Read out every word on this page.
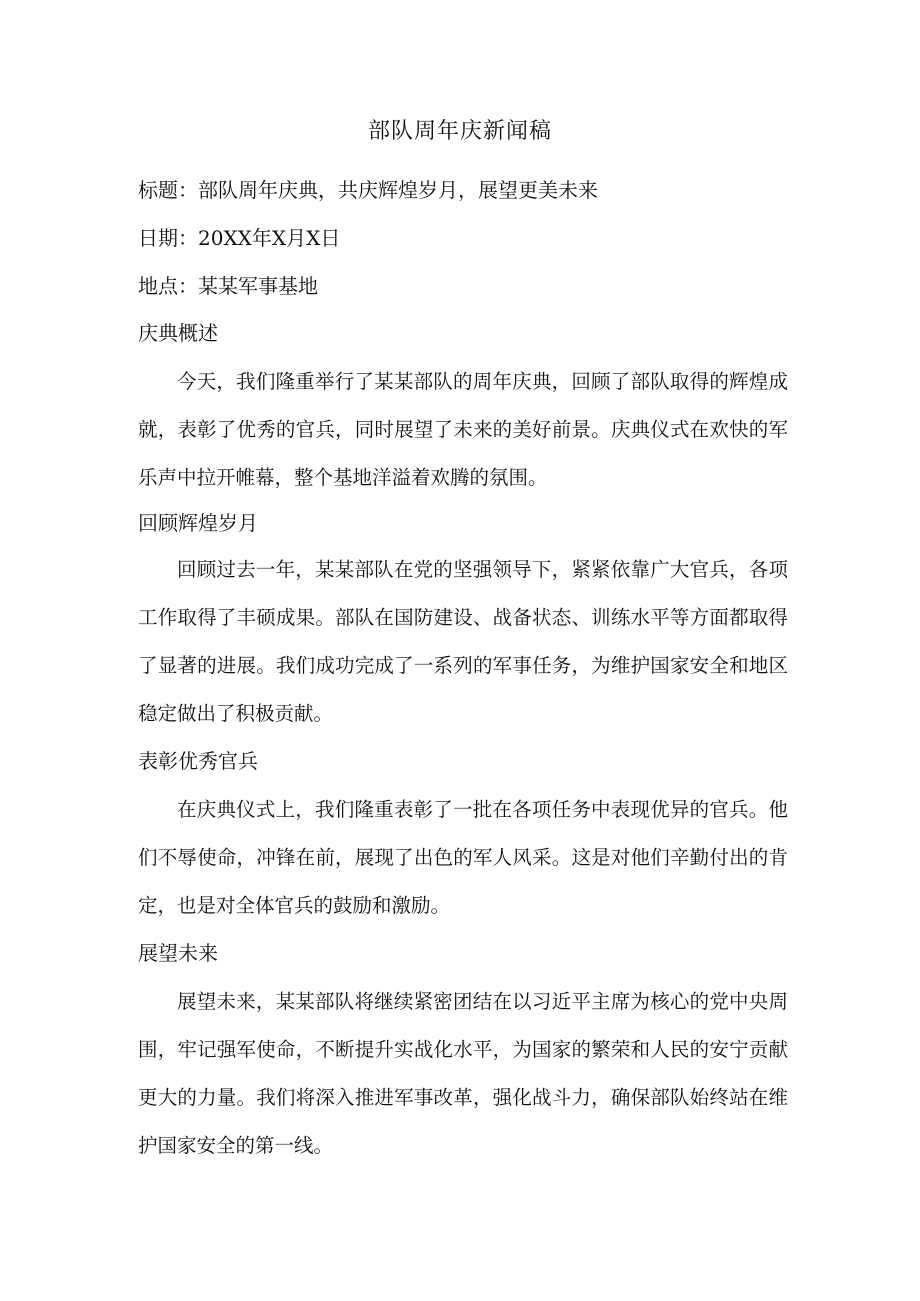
部队周年庆新闻稿
标题：部队周年庆典，共庆辉煌岁月，展望更美未来
日期：20XX年X月X日
地点：某某军事基地
庆典概述

今天，我们隆重举行了某某部队的周年庆典，回顾了部队取得的辉煌成就，表彰了优秀的官兵，同时展望了未来的美好前景。庆典仪式在欢快的军乐声中拉开帷幕，整个基地洋溢着欢腾的氛围。

回顾辉煌岁月

回顾过去一年，某某部队在党的坚强领导下，紧紧依靠广大官兵，各项工作取得了丰硕成果。部队在国防建设、战备状态、训练水平等方面都取得了显著的进展。我们成功完成了一系列的军事任务，为维护国家安全和地区稳定做出了积极贡献。

表彰优秀官兵

在庆典仪式上，我们隆重表彰了一批在各项任务中表现优异的官兵。他们不辱使命，冲锋在前，展现了出色的军人风采。这是对他们辛勤付出的肯定，也是对全体官兵的鼓励和激励。

展望未来

展望未来，某某部队将继续紧密团结在以习近平主席为核心的党中央周围，牢记强军使命，不断提升实战化水平，为国家的繁荣和人民的安宁贡献更大的力量。我们将深入推进军事改革，强化战斗力，确保部队始终站在维护国家安全的第一线。
